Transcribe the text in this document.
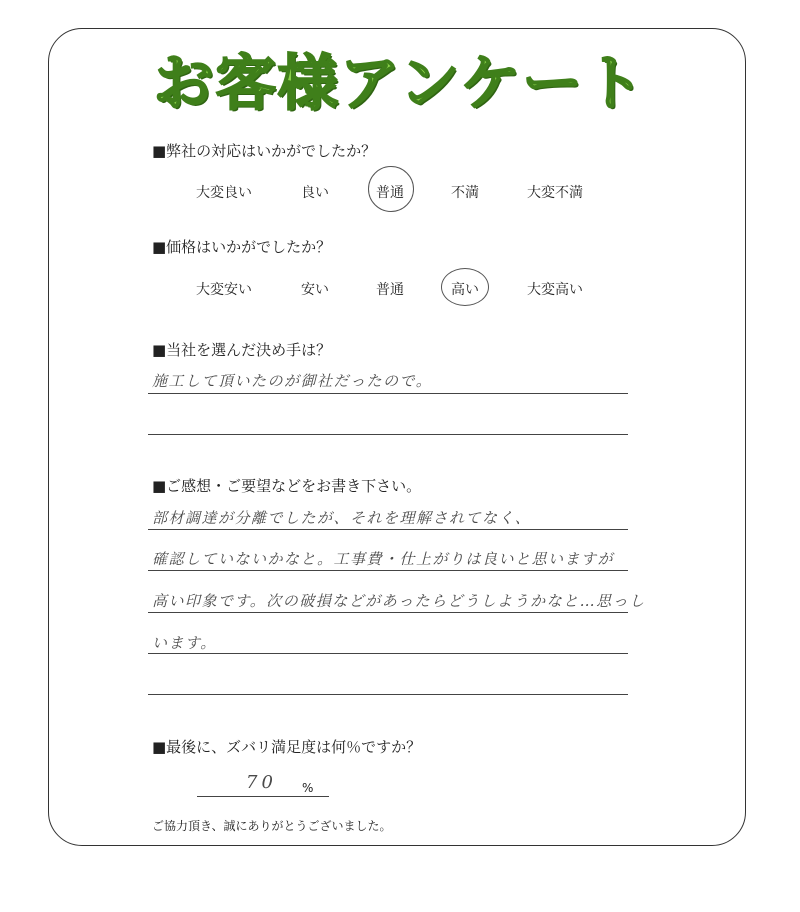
お客様アンケート
■弊社の対応はいかがでしたか？
大変良い	良い	普通	不満	大変不満
■価格はいかがでしたか？
大変安い	安い	普通	高い	大変高い
■当社を選んだ決め手は？
施工して頂いたのが御社だったので。
■ご感想・ご要望などをお書き下さい。
部材調達が分離でしたが、それを理解されてなく、
確認していないかなと。工事費・仕上がりは良いと思いますが
高い印象です。次の破損などがあったらどうしようかなと…思っし
います。
■最後に、ズバリ満足度は何％ですか？
70 %
ご協力頂き、誠にありがとうございました。
